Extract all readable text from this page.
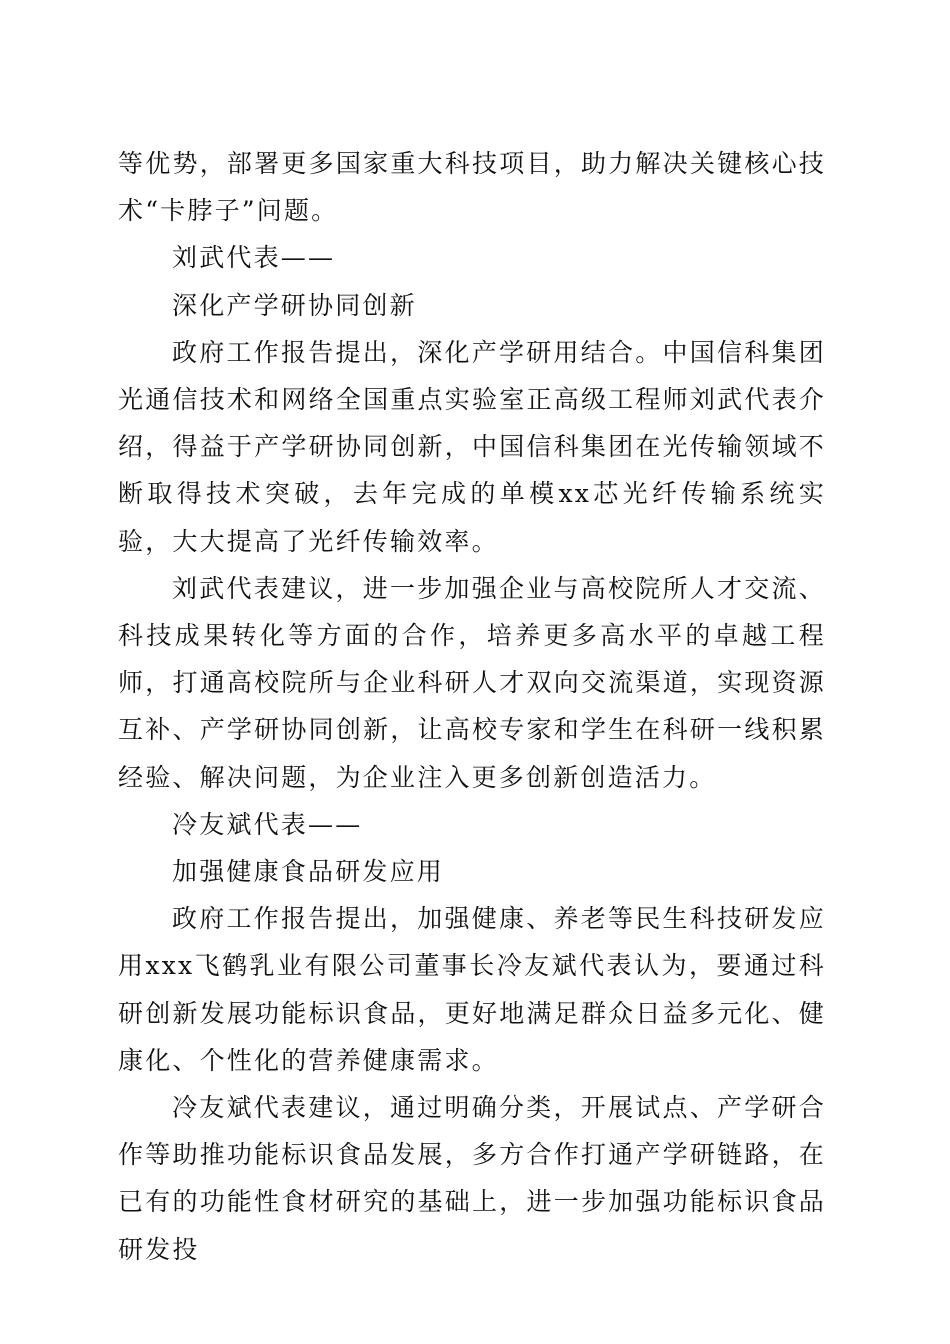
等优势，部署更多国家重大科技项目，助力解决关键核心技术“卡脖子”问题。

刘武代表——

深化产学研协同创新

政府工作报告提出，深化产学研用结合。中国信科集团光通信技术和网络全国重点实验室正高级工程师刘武代表介绍，得益于产学研协同创新，中国信科集团在光传输领域不断取得技术突破，去年完成的单模xx芯光纤传输系统实验，大大提高了光纤传输效率。

刘武代表建议，进一步加强企业与高校院所人才交流、科技成果转化等方面的合作，培养更多高水平的卓越工程师，打通高校院所与企业科研人才双向交流渠道，实现资源互补、产学研协同创新，让高校专家和学生在科研一线积累经验、解决问题，为企业注入更多创新创造活力。

冷友斌代表——

加强健康食品研发应用

政府工作报告提出，加强健康、养老等民生科技研发应用xxx飞鹤乳业有限公司董事长冷友斌代表认为，要通过科研创新发展功能标识食品，更好地满足群众日益多元化、健康化、个性化的营养健康需求。

冷友斌代表建议，通过明确分类，开展试点、产学研合作等助推功能标识食品发展，多方合作打通产学研链路，在已有的功能性食材研究的基础上，进一步加强功能标识食品研发投
